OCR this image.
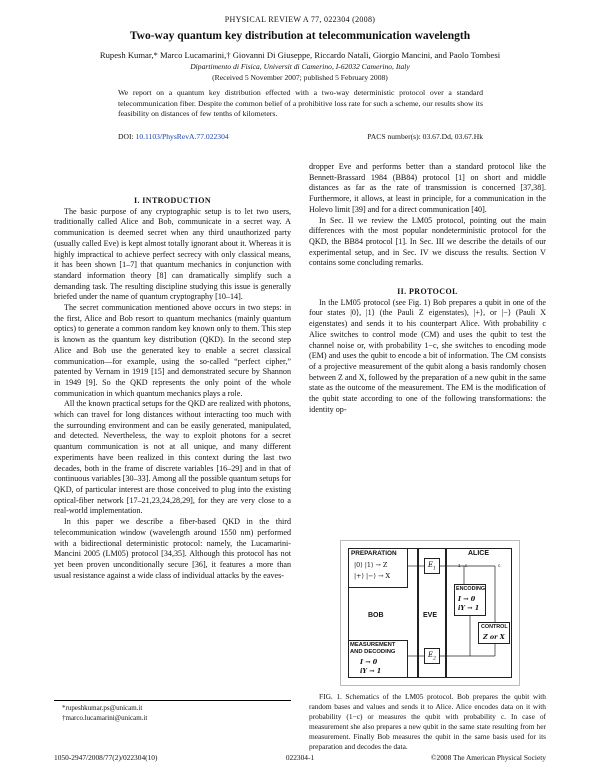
PHYSICAL REVIEW A 77, 022304 (2008)
Two-way quantum key distribution at telecommunication wavelength
Rupesh Kumar,* Marco Lucamarini,† Giovanni Di Giuseppe, Riccardo Natali, Giorgio Mancini, and Paolo Tombesi
Dipartimento di Fisica, Universit di Camerino, I-62032 Camerino, Italy
(Received 5 November 2007; published 5 February 2008)
We report on a quantum key distribution effected with a two-way deterministic protocol over a standard telecommunication fiber. Despite the common belief of a prohibitive loss rate for such a scheme, our results show its feasibility on distances of few tenths of kilometers.
DOI: 10.1103/PhysRevA.77.022304	PACS number(s): 03.67.Dd, 03.67.Hk

I. INTRODUCTION

The basic purpose of any cryptographic setup is to let two users, traditionally called Alice and Bob, communicate in a secret way. A communication is deemed secret when any third unauthorized party (usually called Eve) is kept almost totally ignorant about it. Whereas it is highly impractical to achieve perfect secrecy with only classical means, it has been shown [1–7] that quantum mechanics in conjunction with standard information theory [8] can dramatically simplify such a demanding task. The resulting discipline studying this issue is generally briefed under the name of quantum cryptography [10–14].

The secret communication mentioned above occurs in two steps: in the first, Alice and Bob resort to quantum mechanics (mainly quantum optics) to generate a common random key known only to them. This step is known as the quantum key distribution (QKD). In the second step Alice and Bob use the generated key to enable a secret classical communication—for example, using the so-called “perfect cipher,” patented by Vernam in 1919 [15] and demonstrated secure by Shannon in 1949 [9]. So the QKD represents the only point of the whole communication in which quantum mechanics plays a role.

All the known practical setups for the QKD are realized with photons, which can travel for long distances without interacting too much with the surrounding environment and can be easily generated, manipulated, and detected. Nevertheless, the way to exploit photons for a secret quantum communication is not at all unique, and many different experiments have been realized in this context during the last two decades, both in the frame of discrete variables [16–29] and in that of continuous variables [30–33]. Among all the possible quantum setups for QKD, of particular interest are those conceived to plug into the existing optical-fiber network [17–21,23,24,28,29], for they are very close to a real-world implementation.

In this paper we describe a fiber-based QKD in the third telecommunication window (wavelength around 1550 nm) performed with a bidirectional deterministic protocol: namely, the Lucamarini-Mancini 2005 (LM05) protocol [34,35]. Although this protocol has not yet been proven unconditionally secure [36], it features a more than usual resistance against a wide class of individual attacks by the eaves-

dropper Eve and performs better than a standard protocol like the Bennett-Brassard 1984 (BB84) protocol [1] on short and middle distances as far as the rate of transmission is concerned [37,38]. Furthermore, it allows, at least in principle, for a communication in the Holevo limit [39] and for a direct communication [40].

In Sec. II we review the LM05 protocol, pointing out the main differences with the most popular nondeterministic protocol for the QKD, the BB84 protocol [1]. In Sec. III we describe the details of our experimental setup, and in Sec. IV we discuss the results. Section V contains some concluding remarks.

II. PROTOCOL

In the LM05 protocol (see Fig. 1) Bob prepares a qubit in one of the four states |0⟩, |1⟩ (the Pauli Z eigenstates), |+⟩, or |−⟩ (Pauli X eigenstates) and sends it to his counterpart Alice. With probability c Alice switches to control mode (CM) and uses the qubit to test the channel noise or, with probability 1−c, she switches to encoding mode (EM) and uses the qubit to encode a bit of information. The CM consists of a projective measurement of the qubit along a basis randomly chosen between Z and X, followed by the preparation of a new qubit in the same state as the outcome of the measurement. The EM is the modification of the qubit state according to one of the following transformations: the identity op-

PREPARATION
|0⟩ |1⟩ → Z
|+⟩ |−⟩ → X
BOB
MEASUREMENT
AND DECODING
I → 0
iY → 1
EVE
$E_1$
$E_2$
ALICE
1 - c	c
ENCODING
I → 0
iY → 1
CONTROL
Z or X
FIG. 1. Schematics of the LM05 protocol. Bob prepares the qubit with random bases and values and sends it to Alice. Alice encodes data on it with probability (1−c) or measures the qubit with probability c. In case of measurement she also prepares a new qubit in the same state resulting from her measurement. Finally Bob measures the qubit in the same basis used for its preparation and decodes the data.
*rupeshkumar.ps@unicam.it
†marco.lucamarini@unicam.it
1050-2947/2008/77(2)/022304(10)	022304-1	©2008 The American Physical Society
